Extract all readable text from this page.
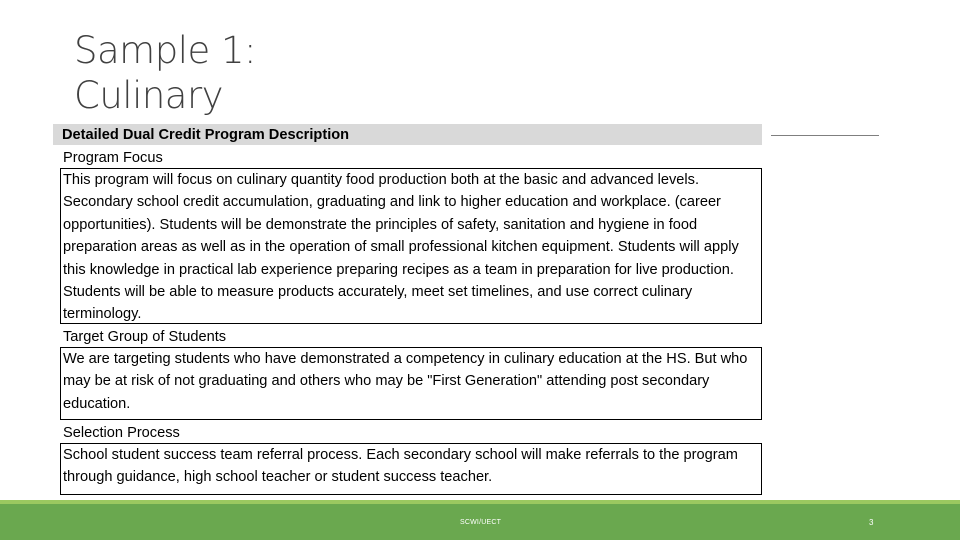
Sample 1:
Culinary
Detailed Dual Credit Program Description
Program Focus
This program will focus on culinary quantity food production both at the basic and advanced levels. Secondary school credit accumulation, graduating and link to higher education and workplace. (career opportunities). Students will be demonstrate the principles of safety, sanitation and hygiene in food preparation areas as well as in the operation of small professional kitchen equipment. Students will apply this knowledge in practical lab experience preparing recipes as a team in preparation for live production. Students will be able to measure products accurately, meet set timelines, and use correct culinary terminology.
Target Group of Students
We are targeting students who have demonstrated a competency in culinary education at the HS. But who may be at risk of not graduating and others who may be "First Generation" attending post secondary education.
Selection Process
School student success team referral process. Each secondary school will make referrals to the program through guidance, high school teacher or student success teacher.
SCWI/UECT	3
